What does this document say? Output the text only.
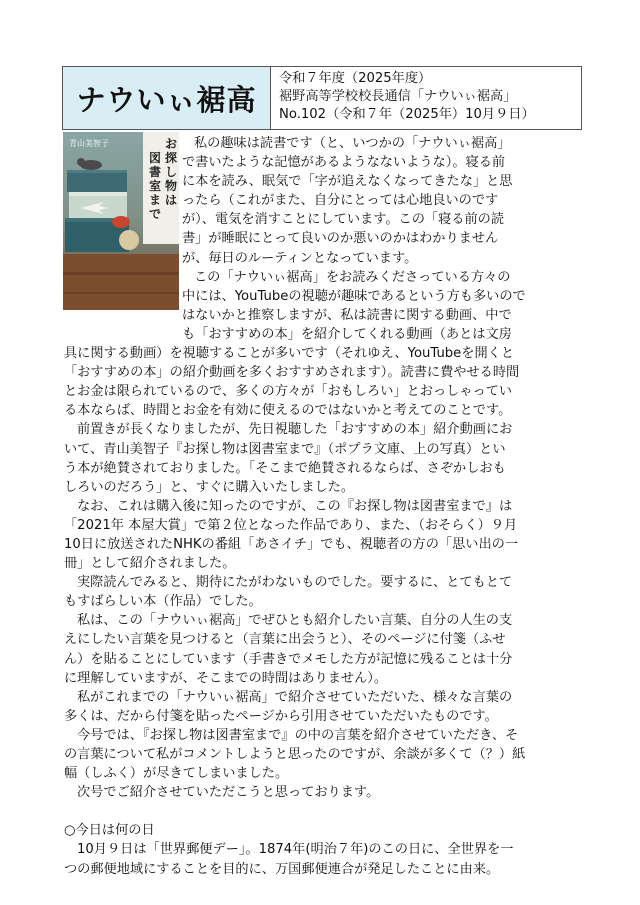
ナウいぃ裾高
令和７年度（2025年度）
裾野高等学校校長通信「ナウいぃ裾高」
No.102（令和７年（2025年）10月９日）
青山美智子	お
探
し
物
は
図
書
室
ま
で
私の趣味は読書です（と、いつかの「ナウいぃ裾高」
で書いたような記憶があるようなないような）。寝る前
に本を読み、眠気で「字が追えなくなってきたな」と思
ったら（これがまた、自分にとっては心地良いのです
が）、電気を消すことにしています。この「寝る前の読
書」が睡眠にとって良いのか悪いのかはわかりません
が、毎日のルーティンとなっています。
この「ナウいぃ裾高」をお読みくださっている方々の
中には、YouTubeの視聴が趣味であるという方も多いので
はないかと推察しますが、私は読書に関する動画、中で
も「おすすめの本」を紹介してくれる動画（あとは文房
具に関する動画）を視聴することが多いです（それゆえ、YouTubeを開くと
「おすすめの本」の紹介動画を多くおすすめされます）。読書に費やせる時間
とお金は限られているので、多くの方々が「おもしろい」とおっしゃってい
る本ならば、時間とお金を有効に使えるのではないかと考えてのことです。
前置きが長くなりましたが、先日視聴した「おすすめの本」紹介動画にお
いて、青山美智子『お探し物は図書室まで』（ポプラ文庫、上の写真）とい
う本が絶賛されておりました。「そこまで絶賛されるならば、さぞかしおも
しろいのだろう」と、すぐに購入いたしました。
なお、これは購入後に知ったのですが、この『お探し物は図書室まで』は
「2021年 本屋大賞」で第２位となった作品であり、また、（おそらく）９月
10日に放送されたNHKの番組「あさイチ」でも、視聴者の方の「思い出の一
冊」として紹介されました。
実際読んでみると、期待にたがわないものでした。要するに、とてもとて
もすばらしい本（作品）でした。
私は、この「ナウいぃ裾高」でぜひとも紹介したい言葉、自分の人生の支
えにしたい言葉を見つけると（言葉に出会うと）、そのページに付箋（ふせ
ん）を貼ることにしています（手書きでメモした方が記憶に残ることは十分
に理解していますが、そこまでの時間はありません）。
私がこれまでの「ナウいぃ裾高」で紹介させていただいた、様々な言葉の
多くは、だから付箋を貼ったページから引用させていただいたものです。
今号では、『お探し物は図書室まで』の中の言葉を紹介させていただき、そ
の言葉について私がコメントしようと思ったのですが、余談が多くて（？）紙
幅（しふく）が尽きてしまいました。
次号でご紹介させていただこうと思っております。
○今日は何の日
10月９日は「世界郵便デー」。1874年(明治７年)のこの日に、全世界を一
つの郵便地域にすることを目的に、万国郵便連合が発足したことに由来。
